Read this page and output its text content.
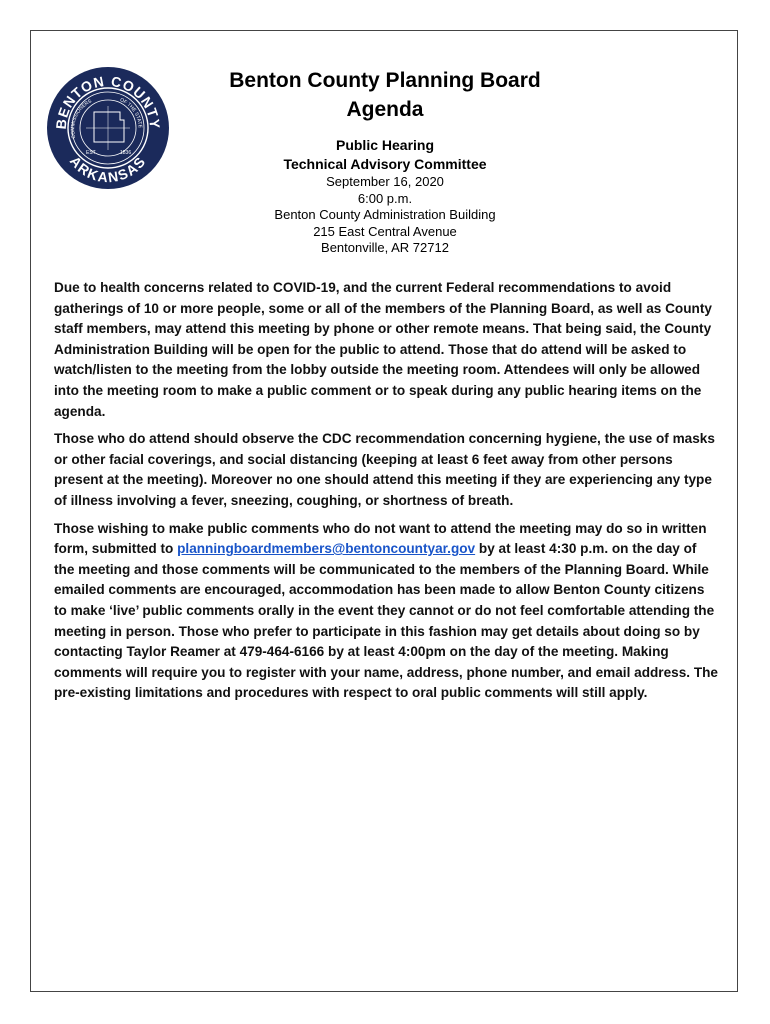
BENTON COUNTY
ARKANSAS
COMMISSIONERS	OF THE STATE
EST	1836

Benton County Planning Board

Agenda

Public Hearing

Technical Advisory Committee

September 16, 2020

6:00 p.m.

Benton County Administration Building

215 East Central Avenue

Bentonville, AR 72712

Due to health concerns related to COVID-19, and the current Federal recommendations to avoid gatherings of 10 or more people, some or all of the members of the Planning Board, as well as County staff members, may attend this meeting by phone or other remote means. That being said, the County Administration Building will be open for the public to attend. Those that do attend will be asked to watch/listen to the meeting from the lobby outside the meeting room. Attendees will only be allowed into the meeting room to make a public comment or to speak during any public hearing items on the agenda.

Those who do attend should observe the CDC recommendation concerning hygiene, the use of masks or other facial coverings, and social distancing (keeping at least 6 feet away from other persons present at the meeting). Moreover no one should attend this meeting if they are experiencing any type of illness involving a fever, sneezing, coughing, or shortness of breath.

Those wishing to make public comments who do not want to attend the meeting may do so in written form, submitted to planningboardmembers@bentoncountyar.gov by at least 4:30 p.m. on the day of the meeting and those comments will be communicated to the members of the Planning Board. While emailed comments are encouraged, accommodation has been made to allow Benton County citizens to make ‘live’ public comments orally in the event they cannot or do not feel comfortable attending the meeting in person. Those who prefer to participate in this fashion may get details about doing so by contacting Taylor Reamer at 479-464-6166 by at least 4:00pm on the day of the meeting. Making comments will require you to register with your name, address, phone number, and email address. The pre-existing limitations and procedures with respect to oral public comments will still apply.
